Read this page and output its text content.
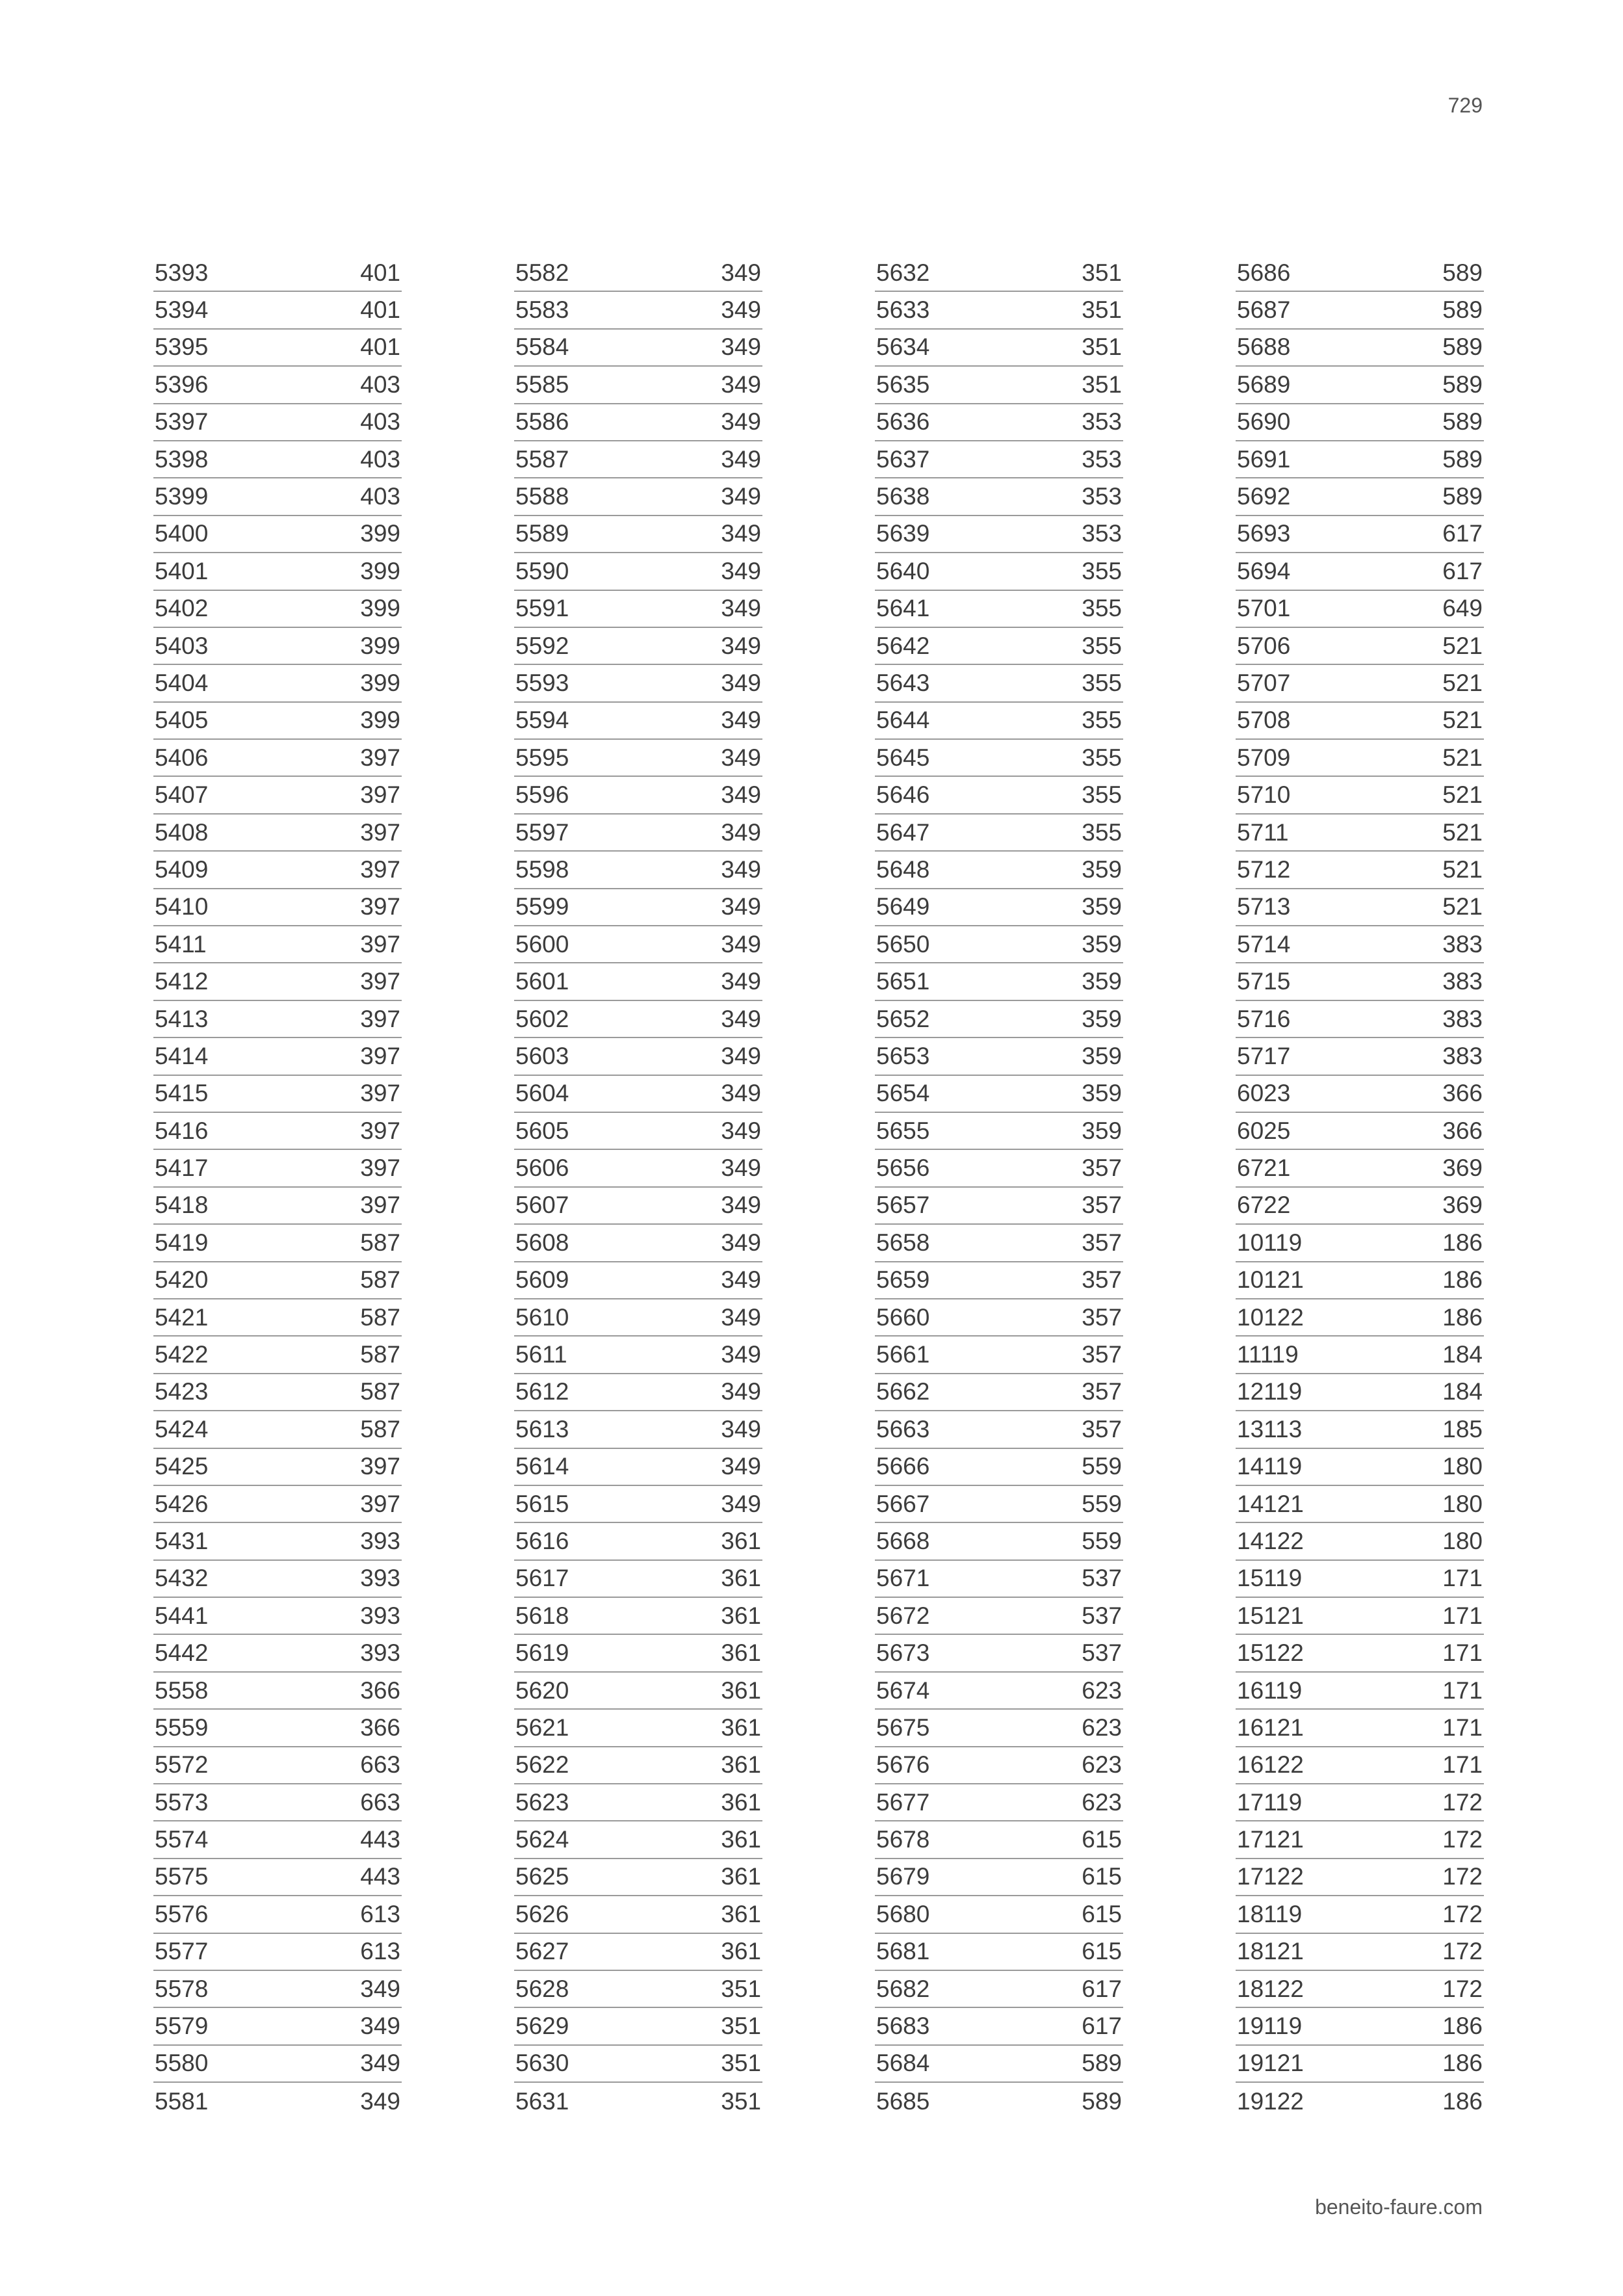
729
5393	401
5394	401
5395	401
5396	403
5397	403
5398	403
5399	403
5400	399
5401	399
5402	399
5403	399
5404	399
5405	399
5406	397
5407	397
5408	397
5409	397
5410	397
5411	397
5412	397
5413	397
5414	397
5415	397
5416	397
5417	397
5418	397
5419	587
5420	587
5421	587
5422	587
5423	587
5424	587
5425	397
5426	397
5431	393
5432	393
5441	393
5442	393
5558	366
5559	366
5572	663
5573	663
5574	443
5575	443
5576	613
5577	613
5578	349
5579	349
5580	349
5581	349
5582	349
5583	349
5584	349
5585	349
5586	349
5587	349
5588	349
5589	349
5590	349
5591	349
5592	349
5593	349
5594	349
5595	349
5596	349
5597	349
5598	349
5599	349
5600	349
5601	349
5602	349
5603	349
5604	349
5605	349
5606	349
5607	349
5608	349
5609	349
5610	349
5611	349
5612	349
5613	349
5614	349
5615	349
5616	361
5617	361
5618	361
5619	361
5620	361
5621	361
5622	361
5623	361
5624	361
5625	361
5626	361
5627	361
5628	351
5629	351
5630	351
5631	351
5632	351
5633	351
5634	351
5635	351
5636	353
5637	353
5638	353
5639	353
5640	355
5641	355
5642	355
5643	355
5644	355
5645	355
5646	355
5647	355
5648	359
5649	359
5650	359
5651	359
5652	359
5653	359
5654	359
5655	359
5656	357
5657	357
5658	357
5659	357
5660	357
5661	357
5662	357
5663	357
5666	559
5667	559
5668	559
5671	537
5672	537
5673	537
5674	623
5675	623
5676	623
5677	623
5678	615
5679	615
5680	615
5681	615
5682	617
5683	617
5684	589
5685	589
5686	589
5687	589
5688	589
5689	589
5690	589
5691	589
5692	589
5693	617
5694	617
5701	649
5706	521
5707	521
5708	521
5709	521
5710	521
5711	521
5712	521
5713	521
5714	383
5715	383
5716	383
5717	383
6023	366
6025	366
6721	369
6722	369
10119	186
10121	186
10122	186
11119	184
12119	184
13113	185
14119	180
14121	180
14122	180
15119	171
15121	171
15122	171
16119	171
16121	171
16122	171
17119	172
17121	172
17122	172
18119	172
18121	172
18122	172
19119	186
19121	186
19122	186
beneito-faure.com
